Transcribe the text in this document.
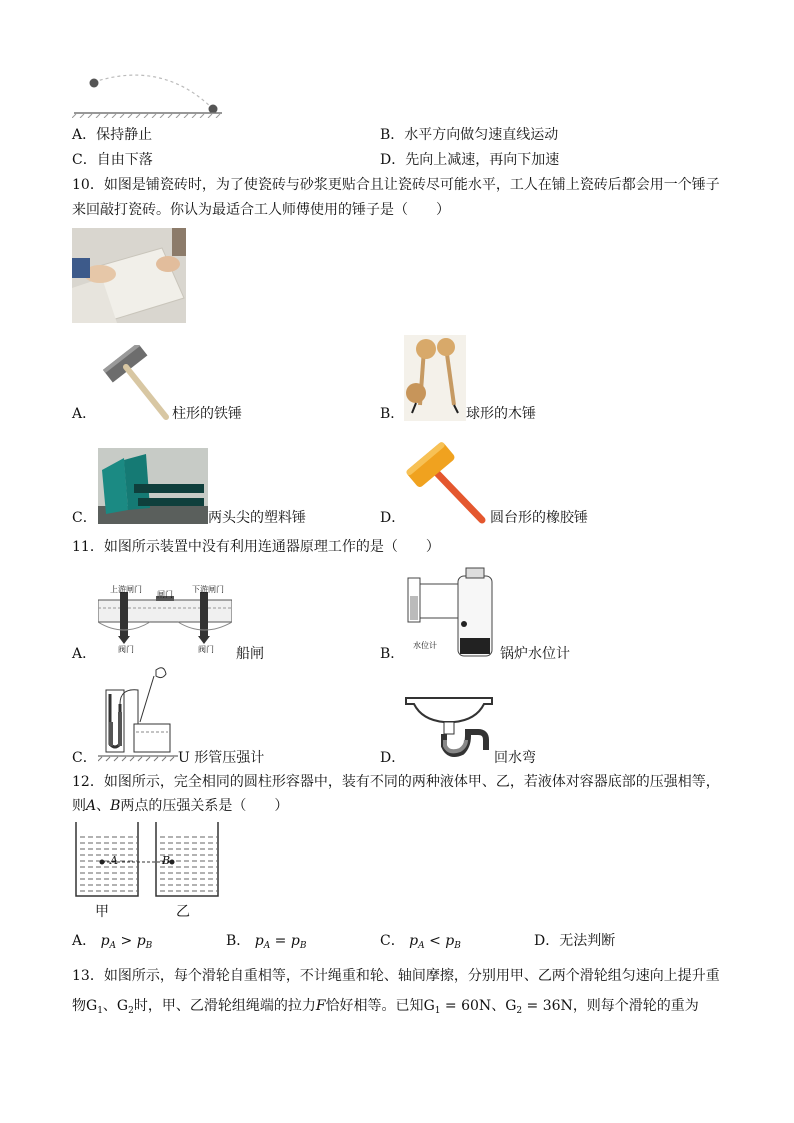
A．保持静止	B．水平方向做匀速直线运动
C．自由下落	D．先向上减速，再向下加速
10．如图是铺瓷砖时，为了使瓷砖与砂浆更贴合且让瓷砖尽可能水平，工人在铺上瓷砖后都会用一个锤子
来回敲打瓷砖。你认为最适合工人师傅使用的锤子是（　　）
A．	柱形的铁锤	B．	球形的木锤
C．	两头尖的塑料锤	D．	圆台形的橡胶锤
11．如图所示装置中没有利用连通器原理工作的是（　　）
A．
上游闸门
闸门
下游闸门
阀门	阀门 船闸	B．
水位计
锅炉水位计
C．	U 形管压强计	D．	回水弯
12．如图所示，完全相同的圆柱形容器中，装有不同的两种液体甲、乙，若液体对容器底部的压强相等，
则A、B两点的压强关系是（　　）
A	B
甲	乙
A． $p_A > p_B$	B． $p_A = p_B$	C． $p_A < p_B$	D．无法判断
13．如图所示，每个滑轮自重相等，不计绳重和轮、轴间摩擦，分别用甲、乙两个滑轮组匀速向上提升重
物$G_1$、$G_2$时，甲、乙滑轮组绳端的拉力F恰好相等。已知$G_1 = 60N$、$G_2 = 36N$，则每个滑轮的重为
